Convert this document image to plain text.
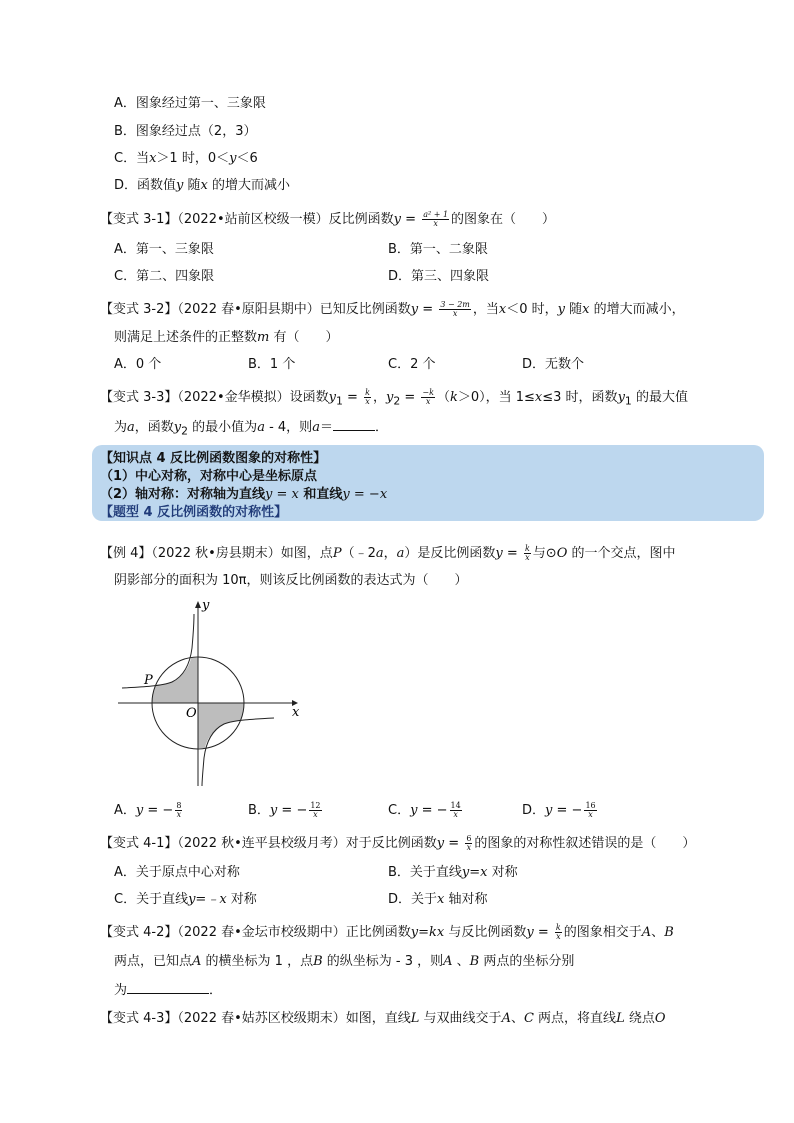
A．图象经过第一、三象限
B．图象经过点（2，3）
C．当x＞1 时，0＜y＜6
D．函数值y 随x 的增大而减小
【变式 3-1】（2022•站前区校级一模）反比例函数$y = \frac{\text{a² + 1}}{x}$ 的图象在（　　）
A．第一、三象限	B．第一、二象限
C．第二、四象限	D．第三、四象限
【变式 3-2】（2022 春•原阳县期中）已知反比例函数$y = \frac{3 - 2m}{x}$ ，当x＜0 时，y 随x 的增大而减小，
则满足上述条件的正整数m 有（　　）
A．0 个	B．1 个	C．2 个	D．无数个
【变式 3-3】（2022•金华模拟）设函数$y_1 = \frac{k}{x}$ ，$y_2 = \frac{-k}{x} (k>0)$，当 1≤x≤3 时，函数$y_1$ 的最大值
为a，函数$y_2$ 的最小值为a - 4，则a＝	．
【知识点 4 反比例函数图象的对称性】
（1）中心对称，对称中心是坐标原点
（2）轴对称：对称轴为直线y = x 和直线y = −x
【题型 4 反比例函数的对称性】
【例 4】（2022 秋•房县期末）如图，点P（﹣2a，a）是反比例函数$y = \frac{k}{x}$ 与⊙O 的一个交点，图中
阴影部分的面积为 10π，则该反比例函数的表达式为（　　）
y
x
O
P
A．y = − $\frac{8}{x}$	B．y = − $\frac{12}{x}$	C．y = − $\frac{14}{x}$	D．y = − $\frac{16}{x}$
【变式 4-1】（2022 秋•连平县校级月考）对于反比例函数$y = \frac{6}{x}$ 的图象的对称性叙述错误的是（　　）
A．关于原点中心对称	B．关于直线y=x 对称
C．关于直线y=﹣x 对称	D．关于x 轴对称
【变式 4-2】（2022 春•金坛市校级期中）正比例函数y=kx 与反比例函数$y = \frac{k}{x}$ 的图象相交于A、B
两点，已知点A 的横坐标为 1 ，点B 的纵坐标为 - 3 ，则A 、B 两点的坐标分别
为	．
【变式 4-3】（2022 春•姑苏区校级期末）如图，直线L 与双曲线交于A、C 两点，将直线L 绕点O
